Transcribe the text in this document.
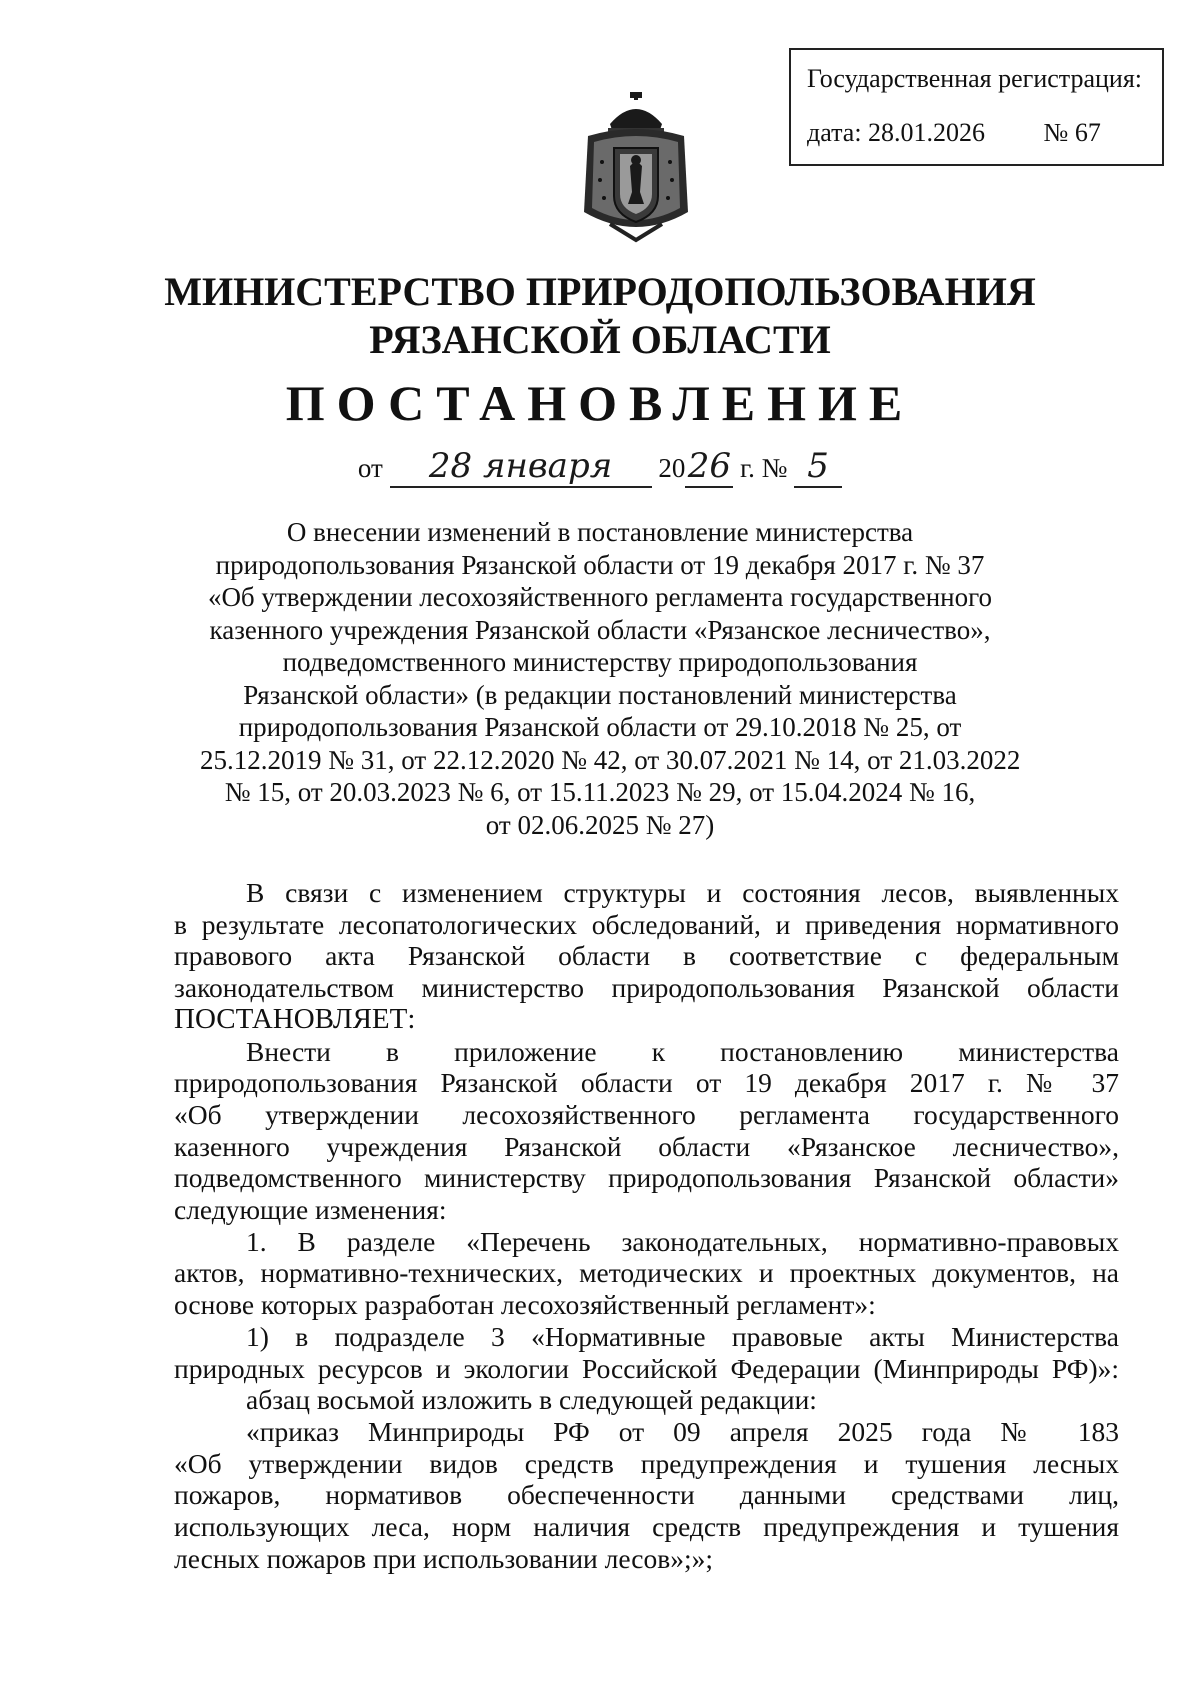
Государственная регистрация:
дата: 28.01.2026 № 67
МИНИСТЕРСТВО ПРИРОДОПОЛЬЗОВАНИЯ
РЯЗАНСКОЙ ОБЛАСТИ
ПОСТАНОВЛЕНИЕ
от 28 января 2026 г. № 5
О внесении изменений в постановление министерства
природопользования Рязанской области от 19 декабря 2017 г. № 37
«Об утверждении лесохозяйственного регламента государственного
казенного учреждения Рязанской области «Рязанское лесничество»,
подведомственного министерству природопользования
Рязанской области» (в редакции постановлений министерства
природопользования Рязанской области от 29.10.2018 № 25, от
25.12.2019 № 31, от 22.12.2020 № 42, от 30.07.2021 № 14, от 21.03.2022
№ 15, от 20.03.2023 № 6, от 15.11.2023 № 29, от 15.04.2024 № 16,
от 02.06.2025 № 27)
В связи с изменением структуры и состояния лесов, выявленных
в результате лесопатологических обследований, и приведения нормативного
правового акта Рязанской области в соответствие с федеральным
законодательством министерство природопользования Рязанской области
ПОСТАНОВЛЯЕТ:
Внести в приложение к постановлению министерства
природопользования Рязанской области от 19 декабря 2017 г. № 37
«Об утверждении лесохозяйственного регламента государственного
казенного учреждения Рязанской области «Рязанское лесничество»,
подведомственного министерству природопользования Рязанской области»
следующие изменения:
1. В разделе «Перечень законодательных, нормативно-правовых
актов, нормативно-технических, методических и проектных документов, на
основе которых разработан лесохозяйственный регламент»:
1) в подразделе 3 «Нормативные правовые акты Министерства
природных ресурсов и экологии Российской Федерации (Минприроды РФ)»:
абзац восьмой изложить в следующей редакции:
«приказ Минприроды РФ от 09 апреля 2025 года № 183
«Об утверждении видов средств предупреждения и тушения лесных
пожаров, нормативов обеспеченности данными средствами лиц,
использующих леса, норм наличия средств предупреждения и тушения
лесных пожаров при использовании лесов»;»;
